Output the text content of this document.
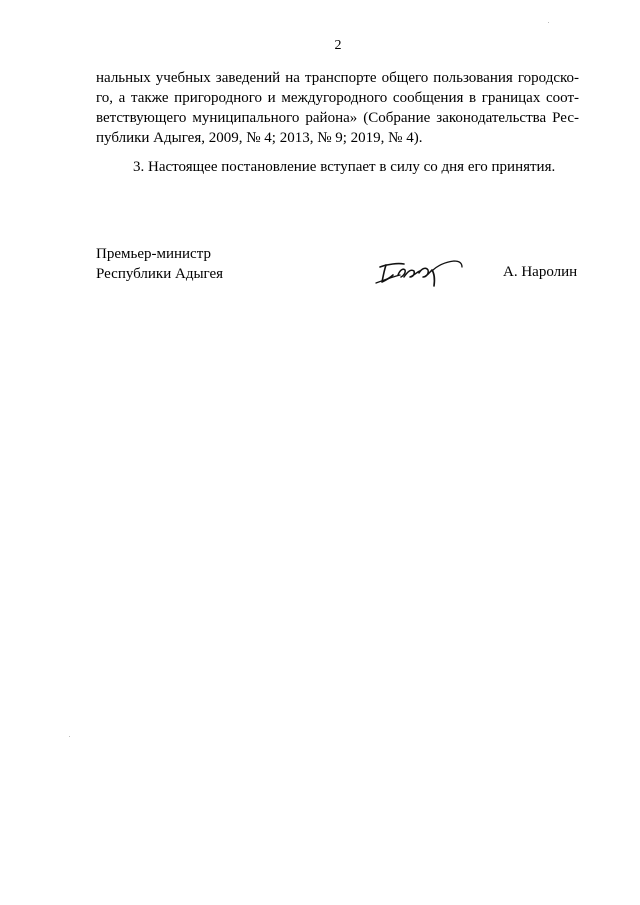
2
нальных учебных заведений на транспорте общего пользования городско-
го, а также пригородного и междугородного сообщения в границах соот-
ветствующего муниципального района» (Собрание законодательства Рес-
публики Адыгея, 2009, № 4; 2013, № 9; 2019, № 4).
3. Настоящее постановление вступает в силу со дня его принятия.
Премьер-министр
Республики Адыгея	А. Наролин
